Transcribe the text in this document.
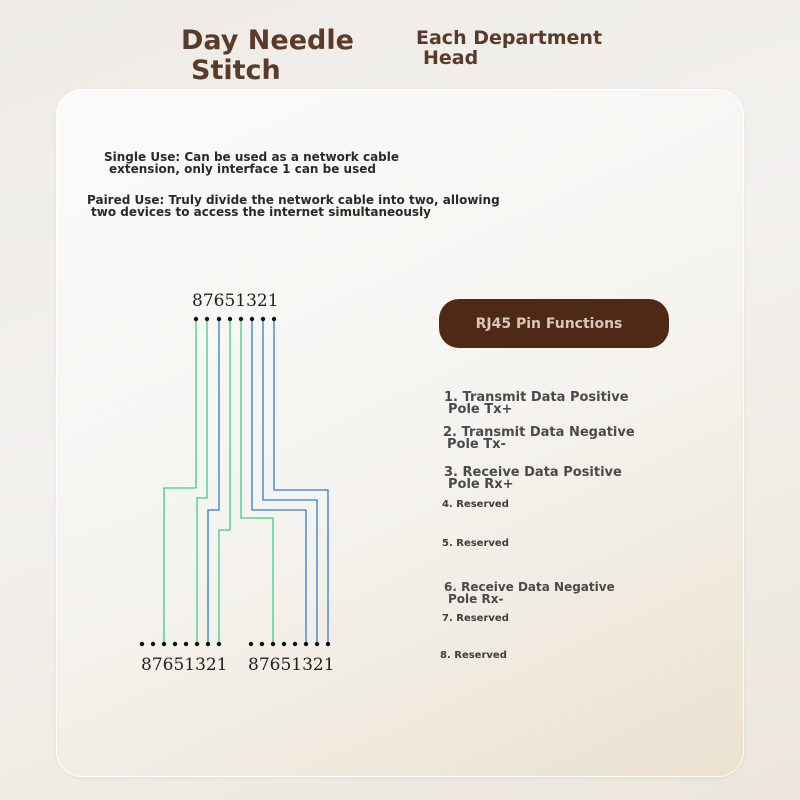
Day Needle
Stitch
Each Department
Head

Single Use: Can be used as a network cable
extension, only interface 1 can be used

Paired Use: Truly divide the network cable into two, allowing
two devices to access the internet simultaneously

87651321
87651321 87651321
RJ45 Pin Functions
1. Transmit Data Positive
Pole Tx+
2. Transmit Data Negative
Pole Tx-
3. Receive Data Positive
Pole Rx+
4. Reserved
5. Reserved
6. Receive Data Negative
Pole Rx-
7. Reserved
8. Reserved
